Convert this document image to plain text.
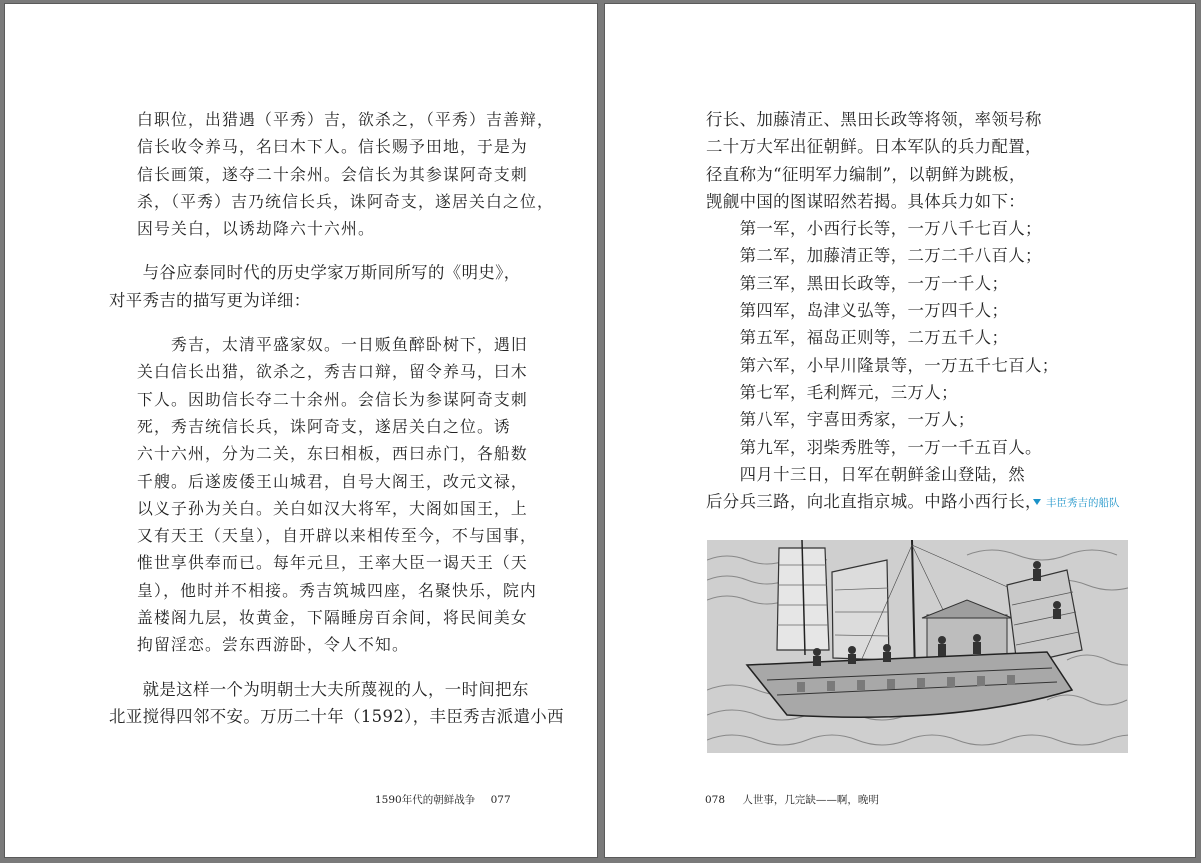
白职位，出猎遇（平秀）吉，欲杀之，（平秀）吉善辩，
信长收令养马，名曰木下人。信长赐予田地，于是为
信长画策，遂夺二十余州。会信长为其参谋阿奇支刺
杀，（平秀）吉乃统信长兵，诛阿奇支，遂居关白之位，
因号关白，以诱劫降六十六州。
　　与谷应泰同时代的历史学家万斯同所写的《明史》，
对平秀吉的描写更为详细：
　　秀吉，太清平盛家奴。一日贩鱼醉卧树下，遇旧
关白信长出猎，欲杀之，秀吉口辩，留令养马，曰木
下人。因助信长夺二十余州。会信长为参谋阿奇支刺
死，秀吉统信长兵，诛阿奇支，遂居关白之位。诱
六十六州，分为二关，东曰相板，西曰赤门，各船数
千艘。后遂废倭王山城君，自号大阁王，改元文禄，
以义子孙为关白。关白如汉大将军，大阁如国王，上
又有天王（天皇），自开辟以来相传至今，不与国事，
惟世享供奉而已。每年元旦，王率大臣一谒天王（天
皇），他时并不相接。秀吉筑城四座，名聚快乐，院内
盖楼阁九层，妆黄金，下隔睡房百余间，将民间美女
拘留淫恋。尝东西游卧，令人不知。
　　就是这样一个为明朝士大夫所蔑视的人，一时间把东
北亚搅得四邻不安。万历二十年（1592），丰臣秀吉派遣小西
1590年代的朝鲜战争 077
行长、加藤清正、黑田长政等将领，率领号称
二十万大军出征朝鲜。日本军队的兵力配置，
径直称为“征明军力编制”，以朝鲜为跳板，
觊觎中国的图谋昭然若揭。具体兵力如下：
　　第一军，小西行长等，一万八千七百人；
　　第二军，加藤清正等，二万二千八百人；
　　第三军，黑田长政等，一万一千人；
　　第四军，岛津义弘等，一万四千人；
　　第五军，福岛正则等，二万五千人；
　　第六军，小早川隆景等，一万五千七百人；
　　第七军，毛利辉元，三万人；
　　第八军，宇喜田秀家，一万人；
　　第九军，羽柴秀胜等，一万一千五百人。
　　四月十三日，日军在朝鲜釜山登陆，然
后分兵三路，向北直指京城。中路小西行长， 丰臣秀吉的船队
078 人世事，几完缺——啊，晚明
